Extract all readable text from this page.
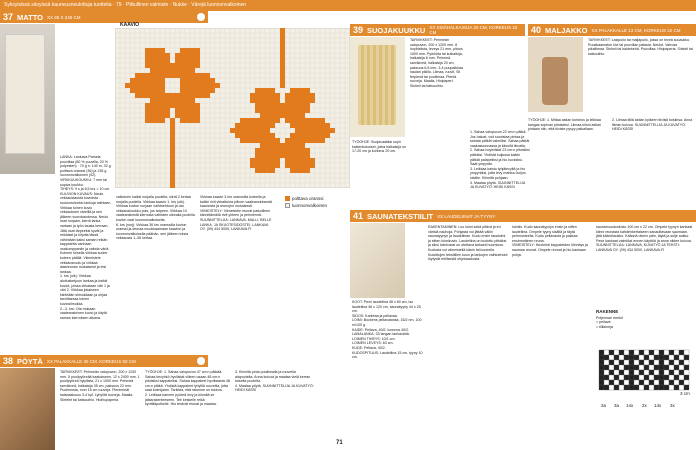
Syksyisissä sävyissä kauneusneulottuja tuotteita · 79 · Pilkullinen valmiste · Nukke · Värejä luonnonvalkoinen
37 MATTO XX 86 X 245 CM
KAAVIO

LANKA: Lankava Pamela puuvillaa (80 % puuvilla, 20 % polyesteri) · 70 g n. 140 m. 32 g polttava oranssi (36) ja 136 g luonnonvalkoinen (02).

VIRKKUUKOUKKU: 7 mm tai sopiva koukku.

TIHEYS: 9 s ja 6,5 krs = 10 cm.

KUUVION KUVAUS: Neulo virkkaustausta kuvioista ruutuneuleeksi lankoja vaihtaen. Virkkaa toinen kuvio virkkauksen väreillä ja sen jälkeen vuorokaudessa. Neulo osat nurjaan, kierrä lanka vartaan ja työn tausta kerraan.

Jätä osat tarpeeksi syvät ja reikäiset ja kirjoita tässä vähintään kaksi saman reikän kappaletta vanhaan osakumppaniin ja vaihda väriä.

Kolmen toisella virkkaa suoler kuteen päällä. Viimeistele virkkausruutu ja virkkaa alasreunan mukaisesti ja etsi lankaa.

1. krs (oik): Virkkaa aloitusketjuun lankaa ja kaikki kuviot, joissa virkataan väri 1 ja väri 2. Virkkaa jokaiseen kiinteään silmukkaan ja ohjaa tarvittaessa toinen kuviosilmukka.

2.–3. krs: Ota mukaan vaaleansininen kuvio ja käytä saman kierroksen aikana.

valkoinen kaikki nurjalla puolella, siirrä 2 kertaa nurjalla puolella. Virkkaa kaavio 1. krs (oik). Virkkaa kuvion nurjaan vaihtoehtoon ja ota virkkauskoukku pois, jos tarpeen. Virkkaa 10 vaaleansinistä kierrosta vaihtaen oikealla puolella kuvion osat luonnonvalkoisella.

6. krs (nurj): Virkkaa 36 krs oranssilla kuvion oranssi ja seuraa muokkaamaan kaavion ja luonnonvalkoisella päähän, sen jälkeen toista virkkausta 1–36 kertaa.

Virkkaa kaavio 3 krs oranssilla kuteella ja kaikki rivit virkattuina piiloon vaaleansinisestä kaaviosta ja reunojen mukaisesti.

VIIMEISTELY: Viimeistele reunat paikoilleen kiinnittämällä rivit yhteen ja pehmennä.

SUUNNITTELIJA: LANKAVA, MALLI: BELLE LANKA. JA SKUOTESIDOSTEI. LANKAVA OY. (09) 434 5000, LANKAVA.FI

polttava oranssi
luonnonvalkoinen
38 PÖYTÄ XX PALAKKALLE 35 CM, KORKEUS 50 CM

TARVIKKEET: Pehmeän valopuvun, 200 x 1200 mm. 5 puolipyöreää kaatokseen, 12 x 2400 mm. 1 puolipyöreä hylyliista, 21 x 1000 mm. Pehmeä sarvikiveä, halkaisija 35 cm, paksuus 22 mm. Puolimusta, noin 15 cm ruuveja. Pienimmät kalansalusuu 3-4 kpl. Lyhyiltä ruuveja. Maalia. Siirtelet tai katsouihio. Hioihupaperia.

TYÖOHJE: 1. Sahaa valopuvun 47 cm:n pätkää. Sahaa kevyhkö hyvilistat viileen osaan 48 cm:n pituisiksi kappaleiksi. Sahaa kappaleet hyvilistasta 48 cm:n pätkä. Yhdistä kappaleet lyhyillä ruuveilla, jotta saat kolmijalan. Tarkista, että rakenne on tukeva.

2. Leikkaa kannen pyöreä levy ja kiinnitä se jalkarakenteeseen. Tee keskelle reikä kynttiläputkelle. Hio terävät reunat ja maalaa.

3. Kiinnitä pinta puuliimalla ja ruuveilla alapuolelta. Anna kuivua ja maalaa vielä kerran toiselta puolelta.

4. Maalaa pöytä. SUUNNITTELIJA JA KUVATYÖ: HEIDI KÄSSI

71
39 SUOJAKUUKKU XX SISÄHALKAISIJA 20 CM, KORKEUS 22 CM

TARVIKKEET: Pehmeän valopuvun, 200 x 1200 mm. 8 hoyblelista, leveys 21 mm, pituus 1000 mm. Pyöriöita tai kuikaltoja, halkaisija 8 mm. Pehmeä sarvikiveä, halkaisija 20 cm, paksuus 6,5 mm. 3-4 puupalkkaa naulan pikilla. Liimaa, ruuvit, Sil ferpienä tai puuliimaa. Pieniä ruuveja. Maalia. Hioipaperi. Sinkeli tai katsouihio.

TYÖOHJE: Suojavaatiksi sopii kaikenkokoiset, jotka halkaisija on 17-20 cm ja korkeus 20 cm.

1. Sahaa valopuvun 22 cm:n pätkä. Jos haluat, voit suoristaa pintaa ja sahata pätkät valmiiksi. Sahaa pätkät vaakasuunnassa ja kiinnitä liimalla.

2. Sahaa hoylelistat 23 cm:n pituisiksi pätkiksi. Yhdistä kuljussa kaikki pätkät palapeliksi ja hio kuvioiksi. Saat ympyrän.

3. Leikkaa kaisto tyhjälevyltä ja hio ympyräksi, jotta levy mahtuu kuljun sisälle. Kiinnitä pohjaan.

4. Maalaa pöytä. SUUNNITTELIJA JA KUVATYÖ: HEIDI KÄSSI

40 MALJAKKO XX PALAKKALLE 13 CM, KORKEUS 22 CM

TARVIKKEET: Lasipullo tai maljapullo, jossa on leveä suuaukko. Ruukkaamaton kivi tai puuvillan palasia. Neulot. Vahvaa pikaliimaa. Sinkeli tai kaidekehä. Puuvillaa. Hioipaperia. Sinkeli tai katsouihio.

TYÖOHJE: 1. Mittaa astian korkeus ja leikkaa kangas sopivan pituiseksi. Liimaa kiinni astian pintaan niin, että tiiviste pysyy paikallaan.

2. Liimaa tiiliä astian kylkeen tiiviisti toisiinsa. Anna liiman kuivua. SUUNNITTELIJA JA KUVATYÖ: HEIDI KÄSSI

41 SAUNATEKSTIILIT XX LAUDELIINAT JA TYYNY

KOOT: Pieni laudeliina 46 x 60 cm, iso laudeliina 46 x 120 cm, saunatyyny 44 x 25 cm.

SIDOS: Karkeaa ja pellavaa.

LOIMI: Bockens pellavalanka, 16/2 nm, 100 m/100 g.

KAIDE: Pellava, 40/2, luonnos 40/2.

LAMALANKA: 33 langan lankaväriä.

LOIMEN TIHEYS: 10/1 cm.

LOIMEN LEVEYS: 63 cm.

KUDE: Pellava, 40/2.

KUDOSPITUUS: Laudeliina 15 cm, tyyny 10 cm.

RAKENTAMINEN: Luo loimi sekä pitävä ja eri värisiä nauhoja. Pohjasta voi jättää väliin saunatyynyn ja laudeliinan. Kudo ensin tasaloimi ja sitten loimikuvio. Laudeliina on kudottu pitkäksi ja siksi loimivarat on otettava tarkasti huomioon. Kudosta voi viimeistellä käsin tai koneella.

Kudottujen tekstiilien koon ja lankojen vaihtoehdot löytyvät erillisestä ohjekaaviosta.

loimiin. Kudo saunatyynyn ensin ja sitten laudeliina. Ompele tyyny sisältä ja täytä pehmusteella. Kudo pellavasta ja palauta ensimmäinen reuna.

VIIMEISTELY: Huolehdi kappaleiden kiinnitys ja saumaa reunat. Ompele reunat ja hio kankaan pohja.

saunamuodonkoko 100 cm x 22 cm. Ompele tyynyn kankaat kiinni reunasta kahdenkertaiseen sanauttavaan saumaan, jätä kääntöaukko. Käännä oikein päin, täytä ja sulje aukko.

Pese kankaat valmiiksi ennen käyttöä ja anna niiden kuivua.

SUUNNITTELIJA: LANKAVA, KUVATYÖ JA TEKSTI: LANKAVA OY. (09) 434 5000, LANKAVA.FI

RAKENNE

Poljennan merkit

= pellava

= tiiliaineja

3a 3a 14x 2x 14x 3x
3 cm
